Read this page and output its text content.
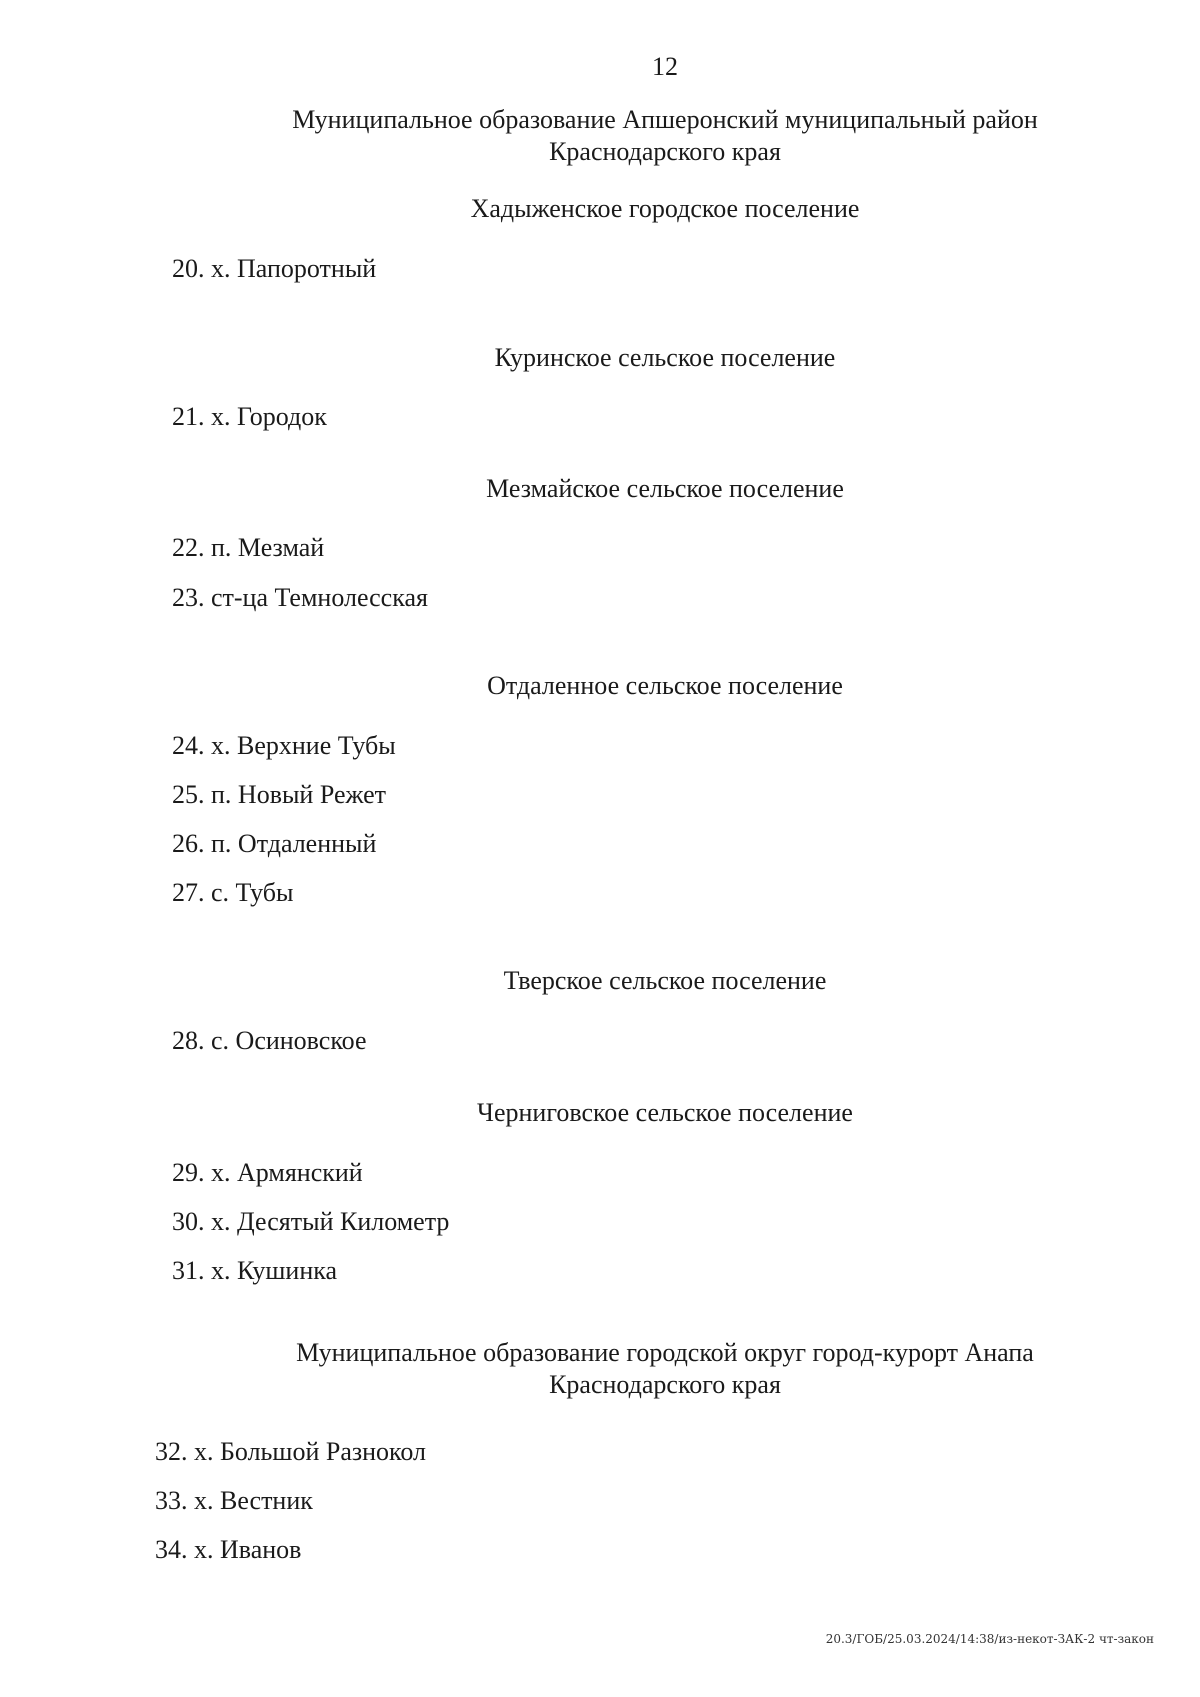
12
Муниципальное образование Апшеронский муниципальный район
Краснодарского края
Хадыженское городское поселение
20. х. Папоротный
Куринское сельское поселение
21. х. Городок
Мезмайское сельское поселение
22. п. Мезмай
23. ст-ца Темнолесская
Отдаленное сельское поселение
24. х. Верхние Тубы
25. п. Новый Режет
26. п. Отдаленный
27. с. Тубы
Тверское сельское поселение
28. с. Осиновское
Черниговское сельское поселение
29. х. Армянский
30. х. Десятый Километр
31. х. Кушинка
Муниципальное образование городской округ город-курорт Анапа
Краснодарского края
32. х. Большой Разнокол
33. х. Вестник
34. х. Иванов
20.3/ГОБ/25.03.2024/14:38/из-некот-ЗАК-2 чт-закон
